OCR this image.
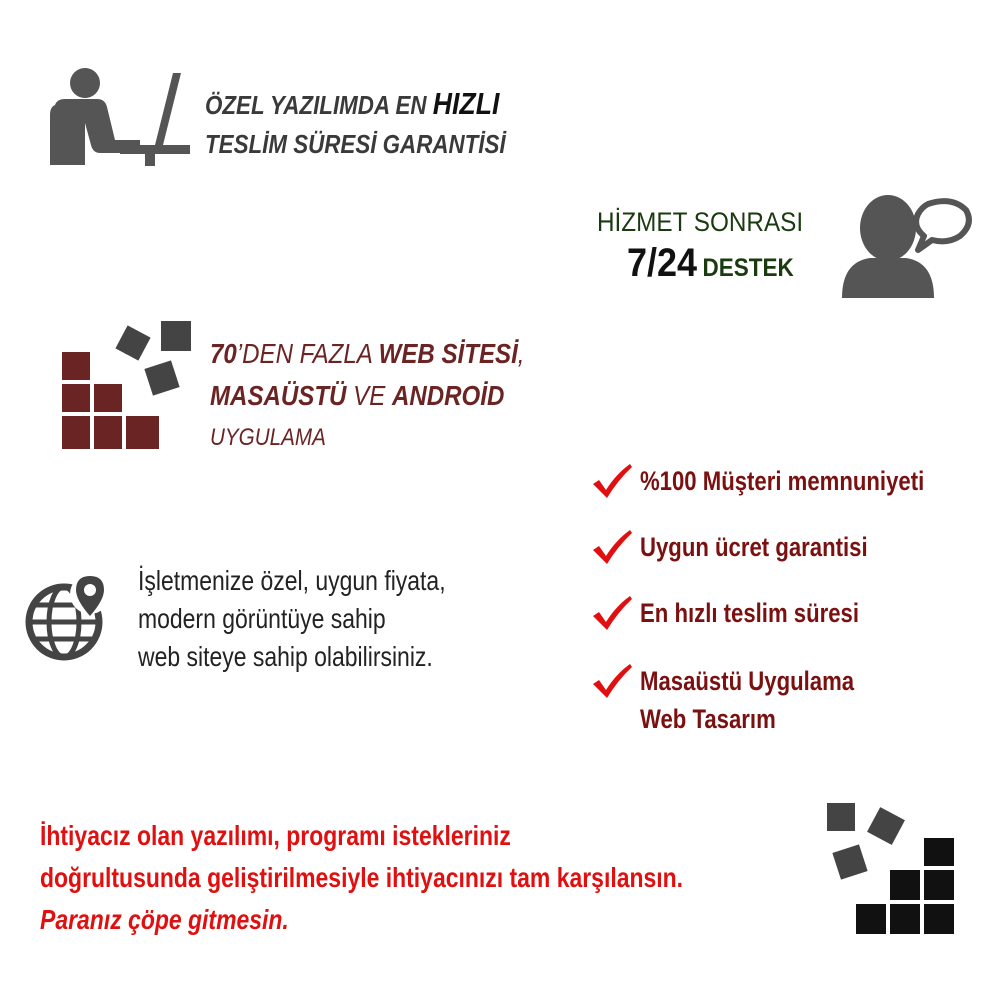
ÖZEL YAZILIMDA EN HIZLI
TESLİM SÜRESİ GARANTİSİ
HİZMET SONRASI
7/24 DESTEK
70’DEN FAZLA WEB SİTESİ,
MASAÜSTÜ VE ANDROİD
UYGULAMA
İşletmenize özel, uygun fiyata,
modern görüntüye sahip
web siteye sahip olabilirsiniz.
%100 Müşteri memnuniyeti
Uygun ücret garantisi
En hızlı teslim süresi
Masaüstü Uygulama
Web Tasarım
İhtiyacız olan yazılımı, programı istekleriniz
doğrultusunda geliştirilmesiyle ihtiyacınızı tam karşılansın.
Paranız çöpe gitmesin.
